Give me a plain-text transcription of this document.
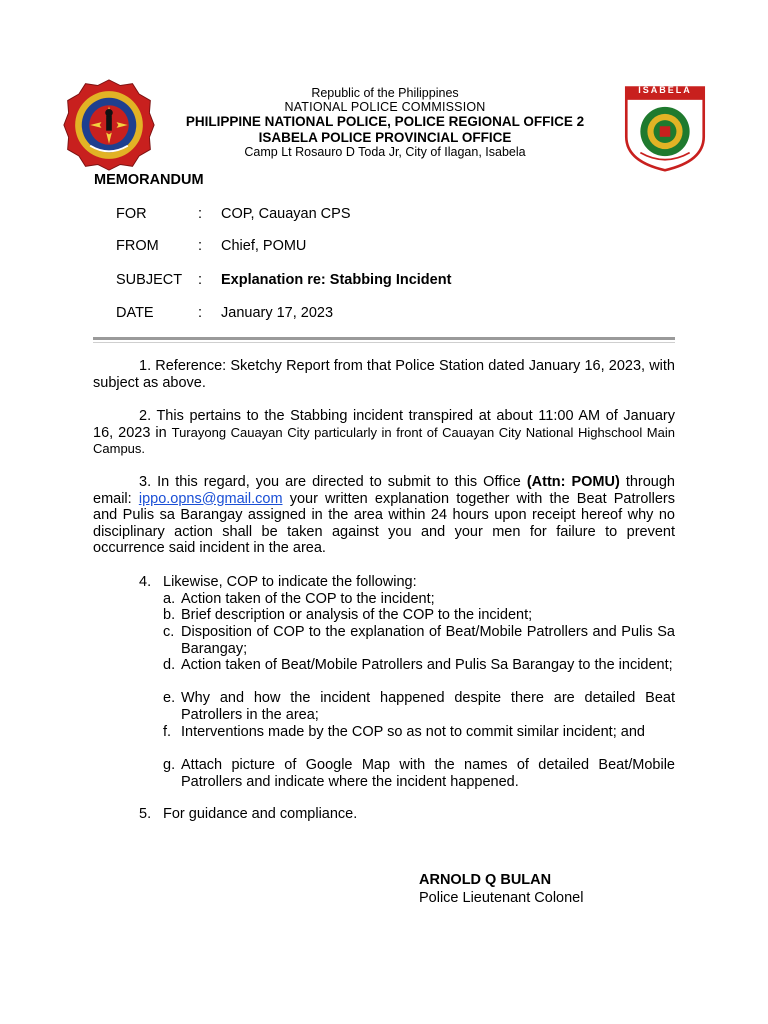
ISABELA
Republic of the Philippines
NATIONAL POLICE COMMISSION
PHILIPPINE NATIONAL POLICE, POLICE REGIONAL OFFICE 2
ISABELA POLICE PROVINCIAL OFFICE
Camp Lt Rosauro D Toda Jr, City of Ilagan, Isabela
MEMORANDUM
FOR	: COP, Cauayan CPS
FROM	: Chief, POMU
SUBJECT : Explanation re: Stabbing Incident
DATE	: January 17, 2023
1. Reference: Sketchy Report from that Police Station dated January 16, 2023, with subject as above.
2. This pertains to the Stabbing incident transpired at about 11:00 AM of January 16, 2023 in Turayong Cauayan City particularly in front of Cauayan City National Highschool Main Campus.
3. In this regard, you are directed to submit to this Office (Attn: POMU) through email: ippo.opns@gmail.com your written explanation together with the Beat Patrollers and Pulis sa Barangay assigned in the area within 24 hours upon receipt hereof why no disciplinary action shall be taken against you and your men for failure to prevent occurrence said incident in the area.
4. Likewise, COP to indicate the following:
a. Action taken of the COP to the incident;
b. Brief description or analysis of the COP to the incident;
c. Disposition of COP to the explanation of Beat/Mobile Patrollers and Pulis Sa Barangay;
d. Action taken of Beat/Mobile Patrollers and Pulis Sa Barangay to the incident;
e. Why and how the incident happened despite there are detailed Beat Patrollers in the area;
f. Interventions made by the COP so as not to commit similar incident; and
g. Attach picture of Google Map with the names of detailed Beat/Mobile Patrollers and indicate where the incident happened.
5. For guidance and compliance.
ARNOLD Q BULAN
Police Lieutenant Colonel
